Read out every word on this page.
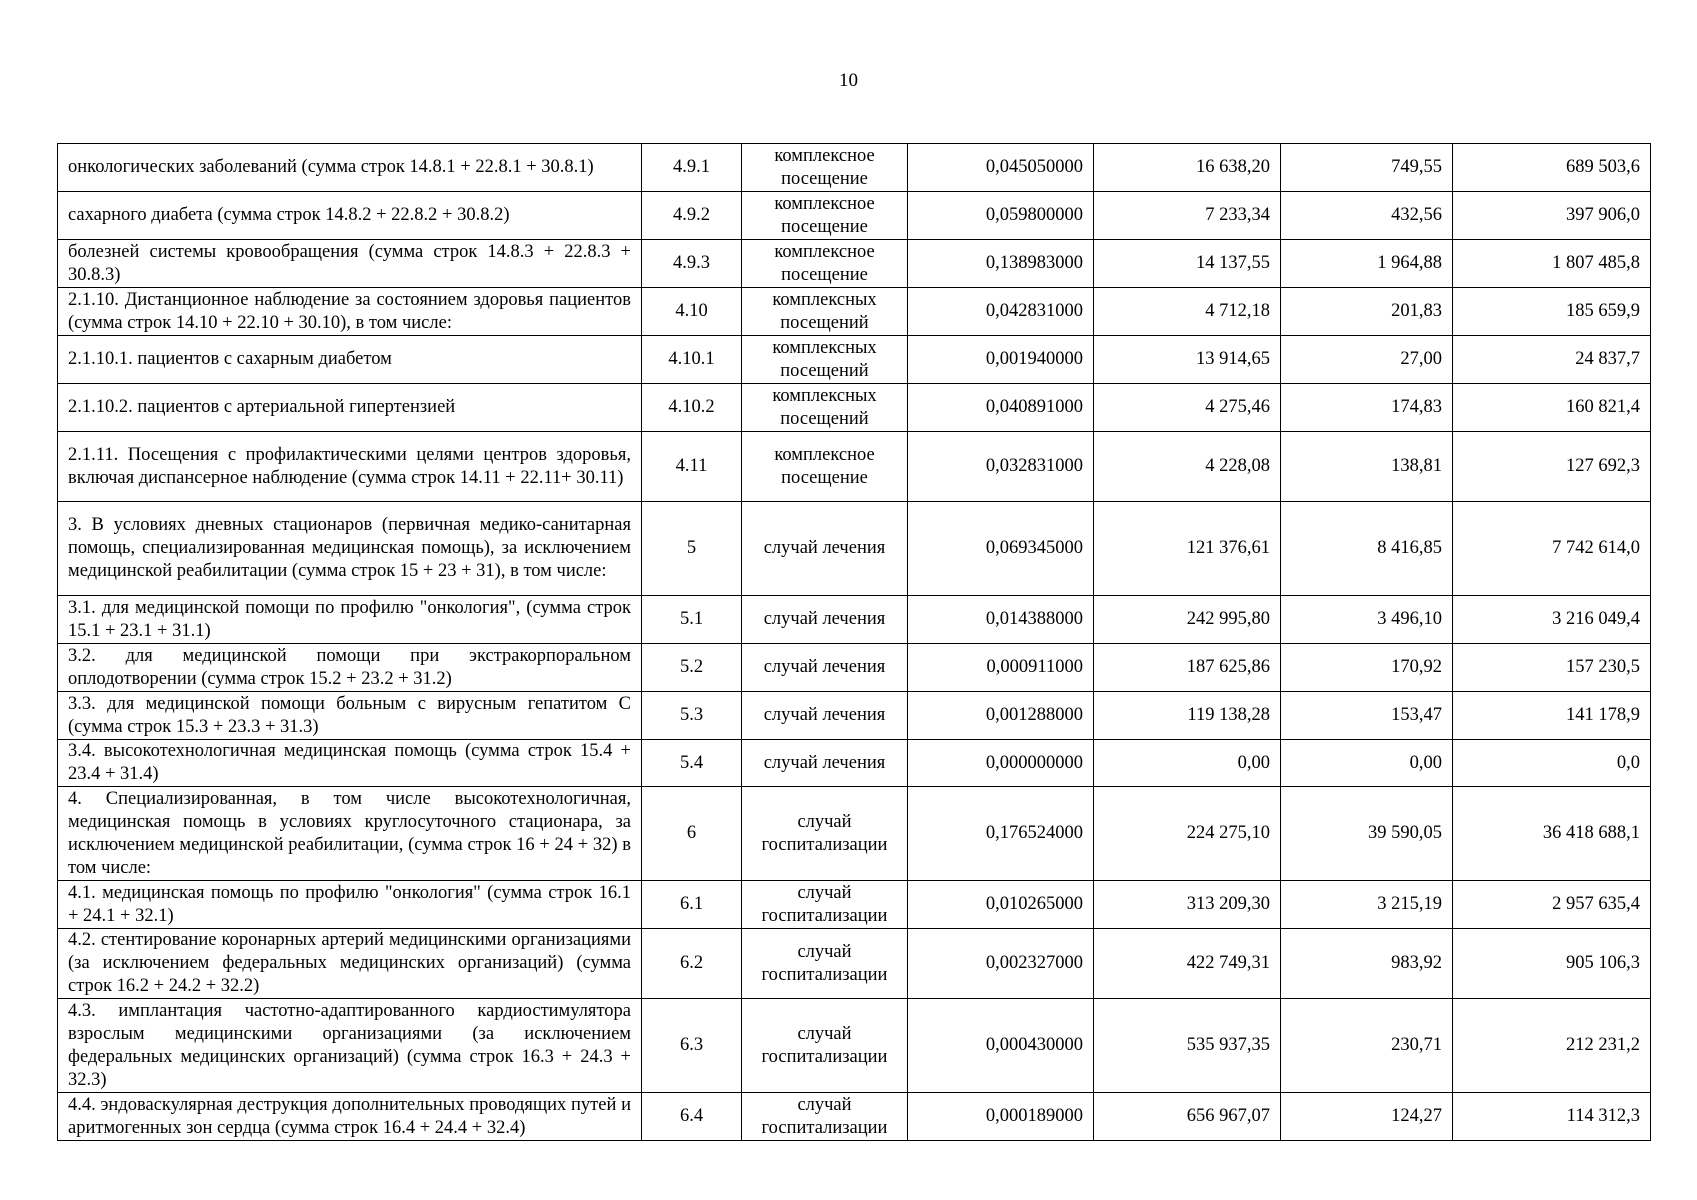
10
онкологических заболеваний (сумма строк 14.8.1 + 22.8.1 + 30.8.1)	4.9.1	комплексное посещение	0,045050000	16 638,20	749,55	689 503,6
сахарного диабета (сумма строк 14.8.2 + 22.8.2 + 30.8.2)	4.9.2	комплексное посещение	0,059800000	7 233,34	432,56	397 906,0
болезней системы кровообращения (сумма строк 14.8.3 + 22.8.3 + 30.8.3)	4.9.3	комплексное посещение	0,138983000	14 137,55	1 964,88	1 807 485,8
2.1.10. Дистанционное наблюдение за состоянием здоровья пациентов (сумма строк 14.10 + 22.10 + 30.10), в том числе:	4.10	комплексных посещений	0,042831000	4 712,18	201,83	185 659,9
2.1.10.1. пациентов с сахарным диабетом	4.10.1	комплексных посещений	0,001940000	13 914,65	27,00	24 837,7
2.1.10.2. пациентов с артериальной гипертензией	4.10.2	комплексных посещений	0,040891000	4 275,46	174,83	160 821,4
2.1.11. Посещения с профилактическими целями центров здоровья, включая диспансерное наблюдение (сумма строк 14.11 + 22.11+ 30.11)	4.11	комплексное посещение	0,032831000	4 228,08	138,81	127 692,3
3. В условиях дневных стационаров (первичная медико-санитарная помощь, специализированная медицинская помощь), за исключением медицинской реабилитации (сумма строк 15 + 23 + 31), в том числе:	5	случай лечения	0,069345000	121 376,61	8 416,85	7 742 614,0
3.1. для медицинской помощи по профилю "онкология", (сумма строк 15.1 + 23.1 + 31.1)	5.1	случай лечения	0,014388000	242 995,80	3 496,10	3 216 049,4
3.2. для медицинской помощи при экстракорпоральном оплодотворении (сумма строк 15.2 + 23.2 + 31.2)	5.2	случай лечения	0,000911000	187 625,86	170,92	157 230,5
3.3. для медицинской помощи больным с вирусным гепатитом С (сумма строк 15.3 + 23.3 + 31.3)	5.3	случай лечения	0,001288000	119 138,28	153,47	141 178,9
3.4. высокотехнологичная медицинская помощь (сумма строк 15.4 + 23.4 + 31.4)	5.4	случай лечения	0,000000000	0,00	0,00	0,0
4. Специализированная, в том числе высокотехнологичная, медицинская помощь в условиях круглосуточного стационара, за исключением медицинской реабилитации, (сумма строк 16 + 24 + 32) в том числе:	6	случай госпитализации	0,176524000	224 275,10	39 590,05	36 418 688,1
4.1. медицинская помощь по профилю "онкология" (сумма строк 16.1 + 24.1 + 32.1)	6.1	случай госпитализации	0,010265000	313 209,30	3 215,19	2 957 635,4
4.2. стентирование коронарных артерий медицинскими организациями (за исключением федеральных медицинских организаций) (сумма строк 16.2 + 24.2 + 32.2)	6.2	случай госпитализации	0,002327000	422 749,31	983,92	905 106,3
4.3. имплантация частотно-адаптированного кардиостимулятора взрослым медицинскими организациями (за исключением федеральных медицинских организаций) (сумма строк 16.3 + 24.3 + 32.3)	6.3	случай госпитализации	0,000430000	535 937,35	230,71	212 231,2
4.4. эндоваскулярная деструкция дополнительных проводящих путей и аритмогенных зон сердца (сумма строк 16.4 + 24.4 + 32.4)	6.4	случай госпитализации	0,000189000	656 967,07	124,27	114 312,3
